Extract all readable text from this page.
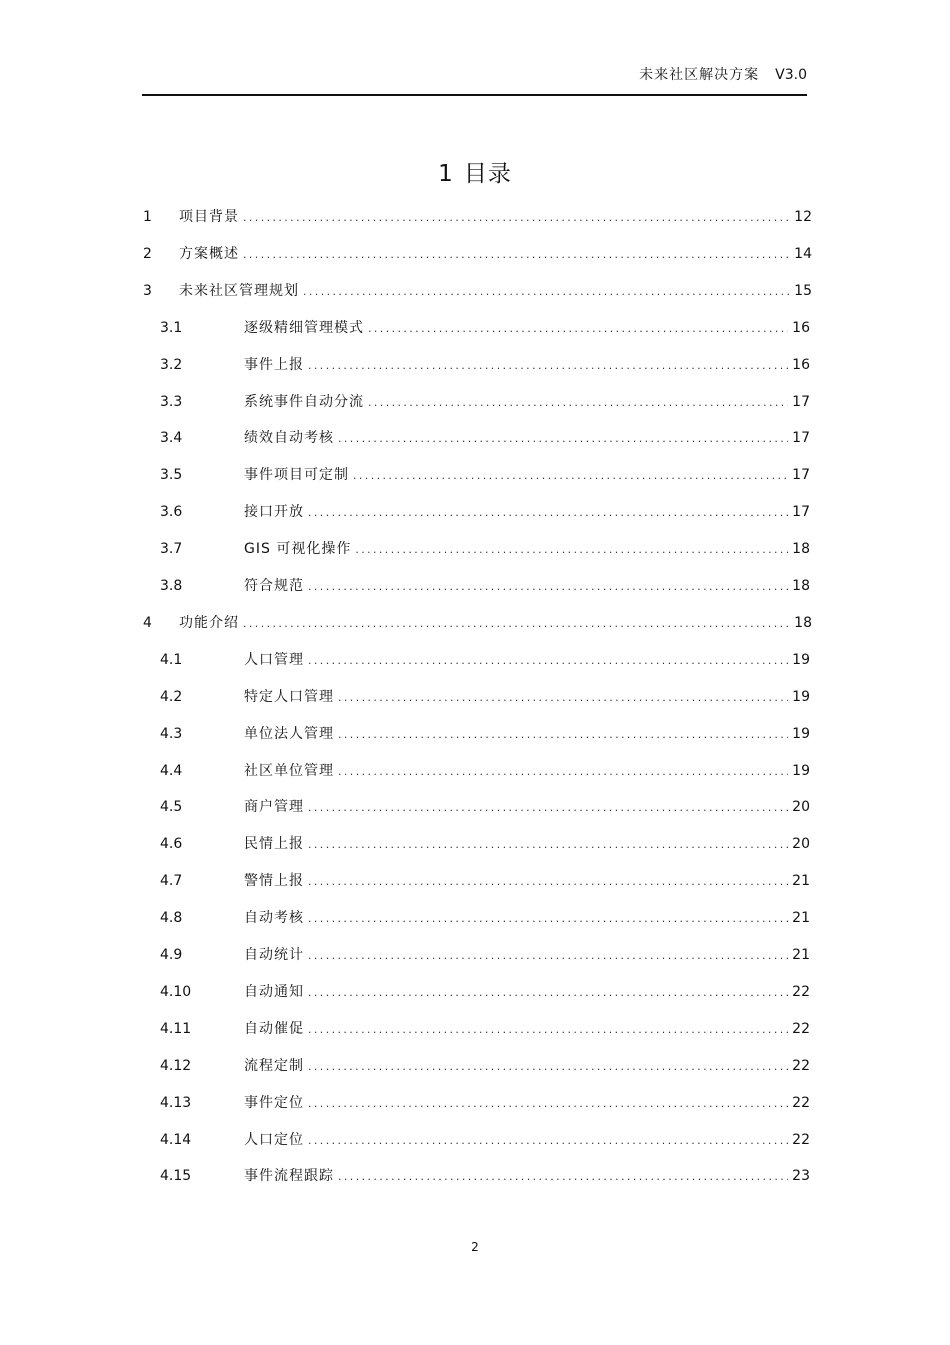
未来社区解决方案 V3.0
1 目录
1	项目背景 .....	12
2	方案概述 .....	14
3	未来社区管理规划 .....	15
3.1	逐级精细管理模式 .....	16
3.2	事件上报 .....	16
3.3	系统事件自动分流 .....	17
3.4	绩效自动考核 .....	17
3.5	事件项目可定制 .....	17
3.6	接口开放 .....	17
3.7	GIS 可视化操作 .....	18
3.8	符合规范 .....	18
4	功能介绍 .....	18
4.1	人口管理 .....	19
4.2	特定人口管理 .....	19
4.3	单位法人管理 .....	19
4.4	社区单位管理 .....	19
4.5	商户管理 .....	20
4.6	民情上报 .....	20
4.7	警情上报 .....	21
4.8	自动考核 .....	21
4.9	自动统计 .....	21
4.10	自动通知 .....	22
4.11	自动催促 .....	22
4.12	流程定制 .....	22
4.13	事件定位 .....	22
4.14	人口定位 .....	22
4.15	事件流程跟踪 .....	23
2
